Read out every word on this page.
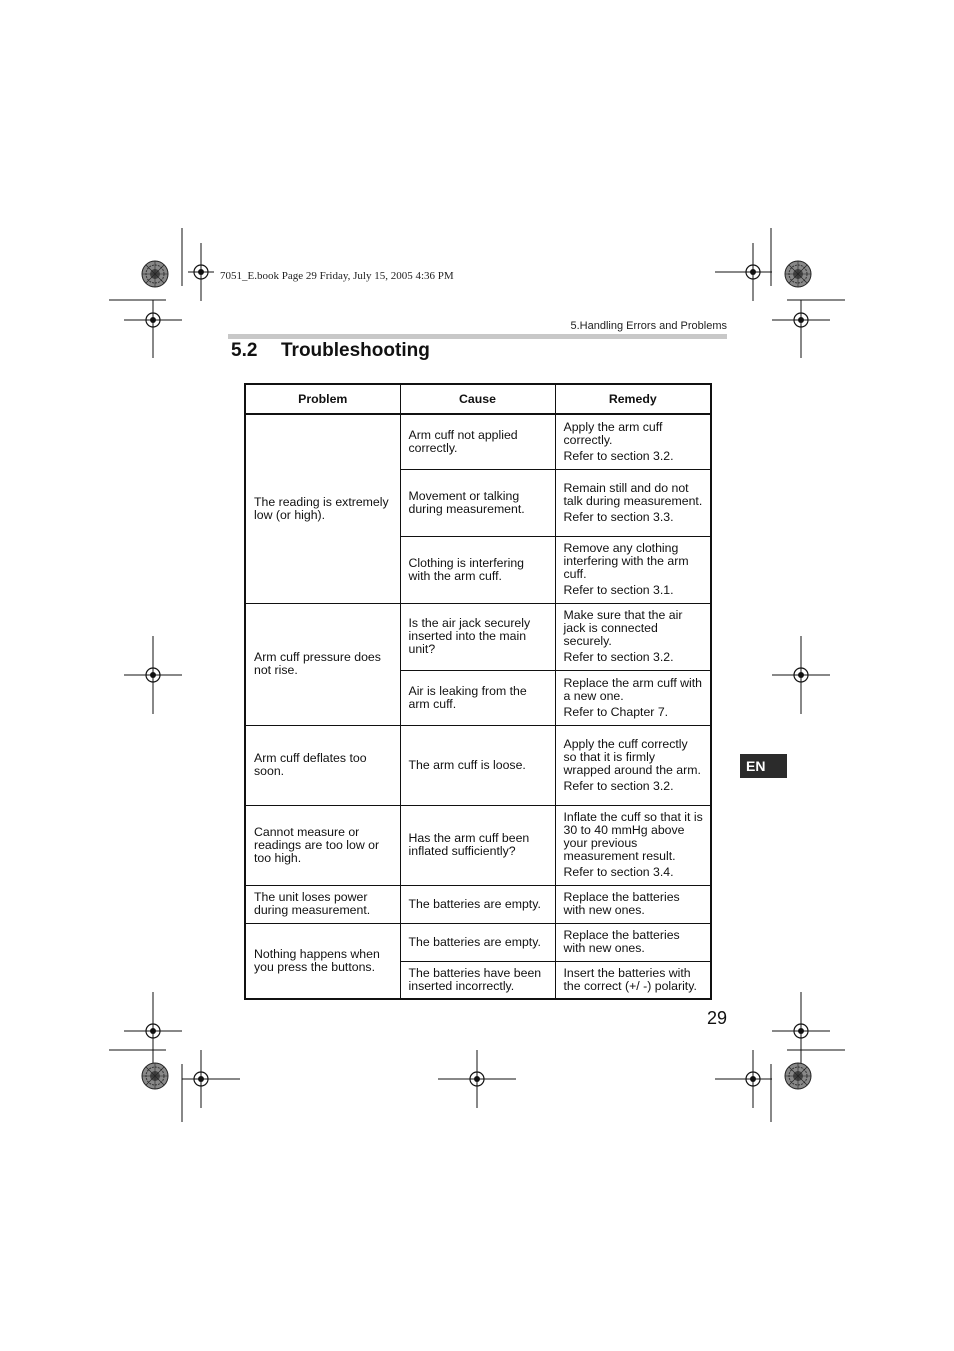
7051_E.book Page 29 Friday, July 15, 2005 4:36 PM
5.Handling Errors and Problems
5.2 Troubleshooting
Problem	Cause	Remedy
The reading is extremely low (or high).	Arm cuff not applied correctly.	Apply the arm cuff correctly.
Refer to section 3.2.

	Movement or talking during measurement.	Remain still and do not talk during measurement.
Refer to section 3.3.

	Clothing is interfering with the arm cuff.	Remove any clothing interfering with the arm cuff.
Refer to section 3.1.

Arm cuff pressure does not rise.	Is the air jack securely inserted into the main unit?	Make sure that the air jack is connected securely.
Refer to section 3.2.

	Air is leaking from the arm cuff.	Replace the arm cuff with a new one.
Refer to Chapter 7.

Arm cuff deflates too soon.	The arm cuff is loose.	Apply the cuff correctly so that it is firmly wrapped around the arm.
Refer to section 3.2.

Cannot measure or readings are too low or too high.	Has the arm cuff been inflated sufficiently?	Inflate the cuff so that it is 30 to 40 mmHg above your previous measurement result.
Refer to section 3.4.

The unit loses power during measurement.	The batteries are empty.	Replace the batteries with new ones.

Nothing happens when you press the buttons.	The batteries are empty.	Replace the batteries with new ones.

	The batteries have been inserted incorrectly.	Insert the batteries with the correct (+/ -) polarity.
EN
29
